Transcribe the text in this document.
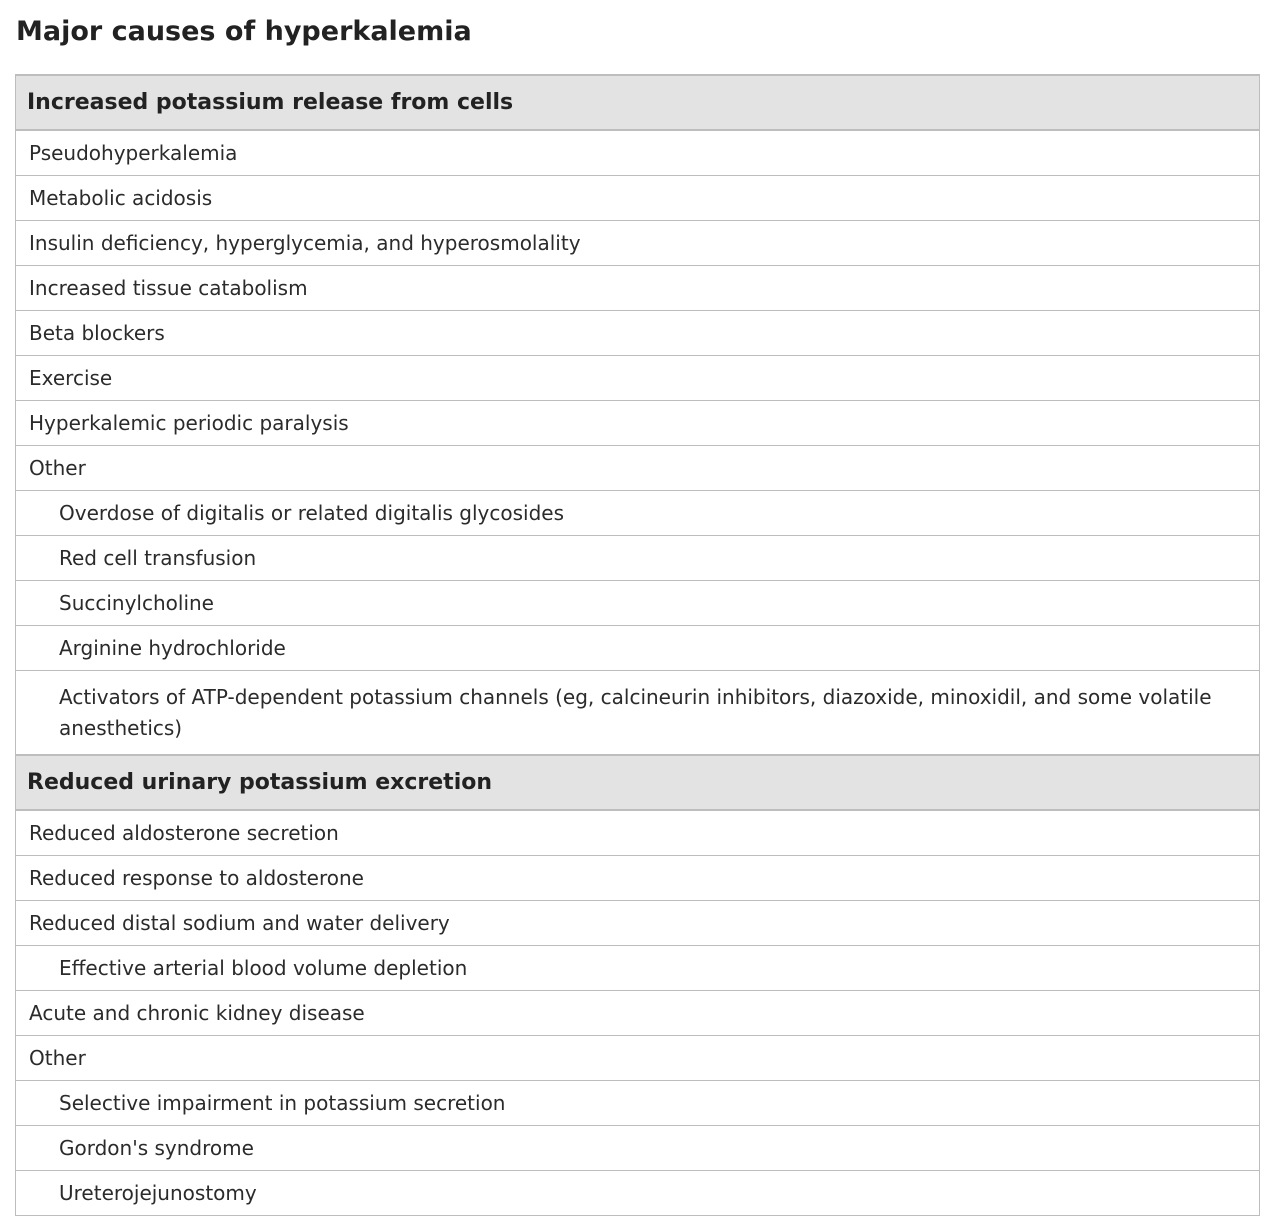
Major causes of hyperkalemia
Increased potassium release from cells
Pseudohyperkalemia
Metabolic acidosis
Insulin deficiency, hyperglycemia, and hyperosmolality
Increased tissue catabolism
Beta blockers
Exercise
Hyperkalemic periodic paralysis
Other
Overdose of digitalis or related digitalis glycosides
Red cell transfusion
Succinylcholine
Arginine hydrochloride
Activators of ATP-dependent potassium channels (eg, calcineurin inhibitors, diazoxide, minoxidil, and some volatile anesthetics)
Reduced urinary potassium excretion
Reduced aldosterone secretion
Reduced response to aldosterone
Reduced distal sodium and water delivery
Effective arterial blood volume depletion
Acute and chronic kidney disease
Other
Selective impairment in potassium secretion
Gordon's syndrome
Ureterojejunostomy
